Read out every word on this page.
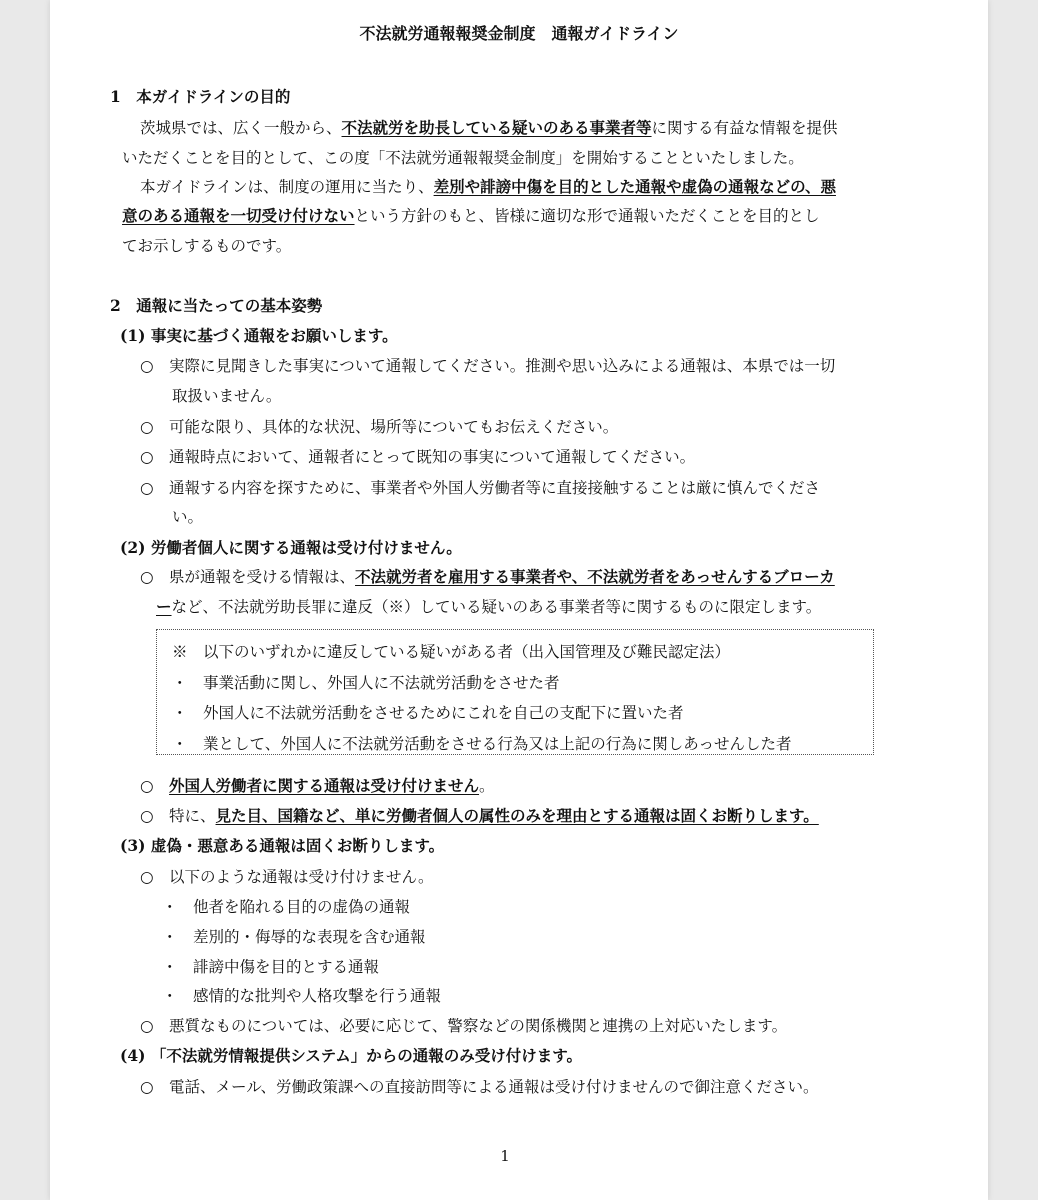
不法就労通報報奨金制度　通報ガイドライン
1　本ガイドラインの目的
茨城県では、広く一般から、不法就労を助長している疑いのある事業者等に関する有益な情報を提供
いただくことを目的として、この度「不法就労通報報奨金制度」を開始することといたしました。
本ガイドラインは、制度の運用に当たり、差別や誹謗中傷を目的とした通報や虚偽の通報などの、悪
意のある通報を一切受け付けないという方針のもと、皆様に適切な形で通報いただくことを目的とし
てお示しするものです。
2　通報に当たっての基本姿勢
(1) 事実に基づく通報をお願いします。
○　実際に見聞きした事実について通報してください。推測や思い込みによる通報は、本県では一切
取扱いません。
○　可能な限り、具体的な状況、場所等についてもお伝えください。
○　通報時点において、通報者にとって既知の事実について通報してください。
○　通報する内容を探すために、事業者や外国人労働者等に直接接触することは厳に慎んでくださ
い。
(2) 労働者個人に関する通報は受け付けません。
○　県が通報を受ける情報は、不法就労者を雇用する事業者や、不法就労者をあっせんするブローカ
ーなど、不法就労助長罪に違反（※）している疑いのある事業者等に関するものに限定します。
※　以下のいずれかに違反している疑いがある者（出入国管理及び難民認定法）
・　事業活動に関し、外国人に不法就労活動をさせた者
・　外国人に不法就労活動をさせるためにこれを自己の支配下に置いた者
・　業として、外国人に不法就労活動をさせる行為又は上記の行為に関しあっせんした者
○　外国人労働者に関する通報は受け付けません。
○　特に、見た目、国籍など、単に労働者個人の属性のみを理由とする通報は固くお断りします。
(3) 虚偽・悪意ある通報は固くお断りします。
○　以下のような通報は受け付けません。
・　他者を陥れる目的の虚偽の通報
・　差別的・侮辱的な表現を含む通報
・　誹謗中傷を目的とする通報
・　感情的な批判や人格攻撃を行う通報
○　悪質なものについては、必要に応じて、警察などの関係機関と連携の上対応いたします。
(4) 「不法就労情報提供システム」からの通報のみ受け付けます。
○　電話、メール、労働政策課への直接訪問等による通報は受け付けませんので御注意ください。
1
